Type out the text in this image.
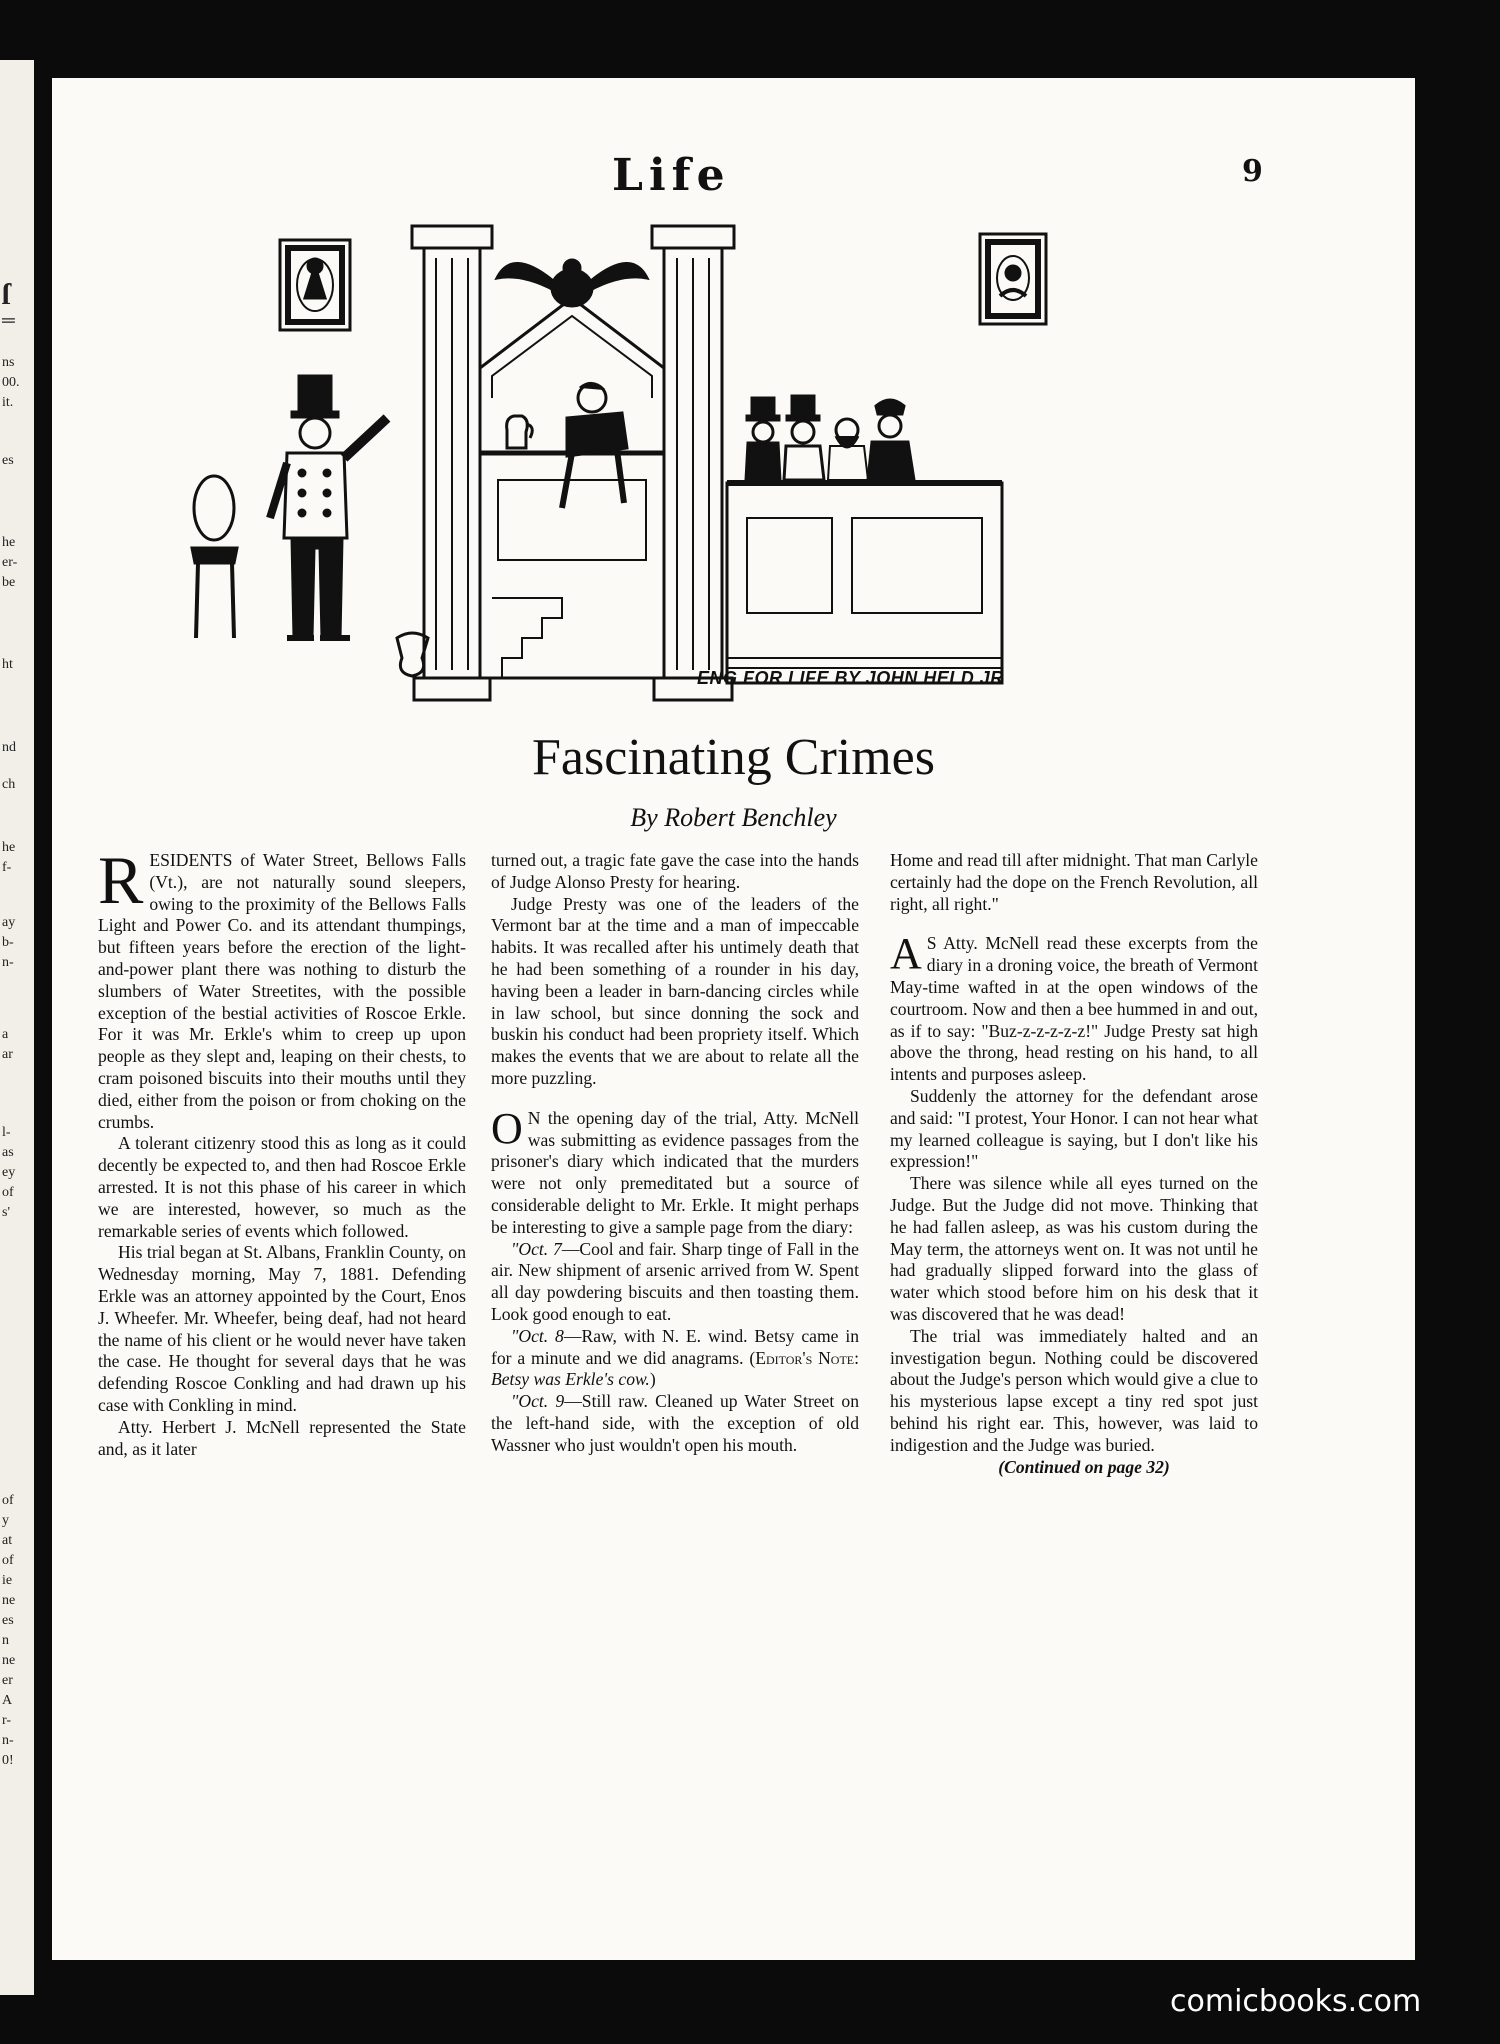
ſ
═
ns
00.
it.
es
he
er-
be
ht
nd
ch
he
f-
ay
b-
n-
a
ar
l-
as
ey
of
s'
of
y
at
of
ie
ne
es
n
ne
er
A
r-
n-
0!
Life	9
ENG FOR LIFE BY JOHN HELD JR
Fascinating Crimes
By Robert Benchley

RESIDENTS of Water Street, Bellows Falls (Vt.), are not naturally sound sleepers, owing to the proximity of the Bellows Falls Light and Power Co. and its attendant thumpings, but fifteen years before the erection of the light-and-power plant there was nothing to disturb the slumbers of Water Streetites, with the possible exception of the bestial activities of Roscoe Erkle. For it was Mr. Erkle's whim to creep up upon people as they slept and, leaping on their chests, to cram poisoned biscuits into their mouths until they died, either from the poison or from choking on the crumbs.

A tolerant citizenry stood this as long as it could decently be expected to, and then had Roscoe Erkle arrested. It is not this phase of his career in which we are interested, however, so much as the remarkable series of events which followed.

His trial began at St. Albans, Franklin County, on Wednesday morning, May 7, 1881. Defending Erkle was an attorney appointed by the Court, Enos J. Wheefer. Mr. Wheefer, being deaf, had not heard the name of his client or he would never have taken the case. He thought for several days that he was defending Roscoe Conkling and had drawn up his case with Conkling in mind.

Atty. Herbert J. McNell represented the State and, as it later

turned out, a tragic fate gave the case into the hands of Judge Alonso Presty for hearing.

Judge Presty was one of the leaders of the Vermont bar at the time and a man of impeccable habits. It was recalled after his untimely death that he had been something of a rounder in his day, having been a leader in barn-dancing circles while in law school, but since donning the sock and buskin his conduct had been propriety itself. Which makes the events that we are about to relate all the more puzzling.

O N the opening day of the trial, Atty. McNell was submitting as evidence passages from the prisoner's diary which indicated that the murders were not only premeditated but a source of considerable delight to Mr. Erkle. It might perhaps be interesting to give a sample page from the diary:

"Oct. 7—Cool and fair. Sharp tinge of Fall in the air. New shipment of arsenic arrived from W. Spent all day powdering biscuits and then toasting them. Look good enough to eat.

"Oct. 8—Raw, with N. E. wind. Betsy came in for a minute and we did anagrams. (Editor's Note: Betsy was Erkle's cow.)

"Oct. 9—Still raw. Cleaned up Water Street on the left-hand side, with the exception of old Wassner who just wouldn't open his mouth.

Home and read till after midnight. That man Carlyle certainly had the dope on the French Revolution, all right, all right."

A S Atty. McNell read these excerpts from the diary in a droning voice, the breath of Vermont May-time wafted in at the open windows of the courtroom. Now and then a bee hummed in and out, as if to say: "Buz-z-z-z-z-z!" Judge Presty sat high above the throng, head resting on his hand, to all intents and purposes asleep.

Suddenly the attorney for the defendant arose and said: "I protest, Your Honor. I can not hear what my learned colleague is saying, but I don't like his expression!"

There was silence while all eyes turned on the Judge. But the Judge did not move. Thinking that he had fallen asleep, as was his custom during the May term, the attorneys went on. It was not until he had gradually slipped forward into the glass of water which stood before him on his desk that it was discovered that he was dead!

The trial was immediately halted and an investigation begun. Nothing could be discovered about the Judge's person which would give a clue to his mysterious lapse except a tiny red spot just behind his right ear. This, however, was laid to indigestion and the Judge was buried.

(Continued on page 32)

comicbooks.com
